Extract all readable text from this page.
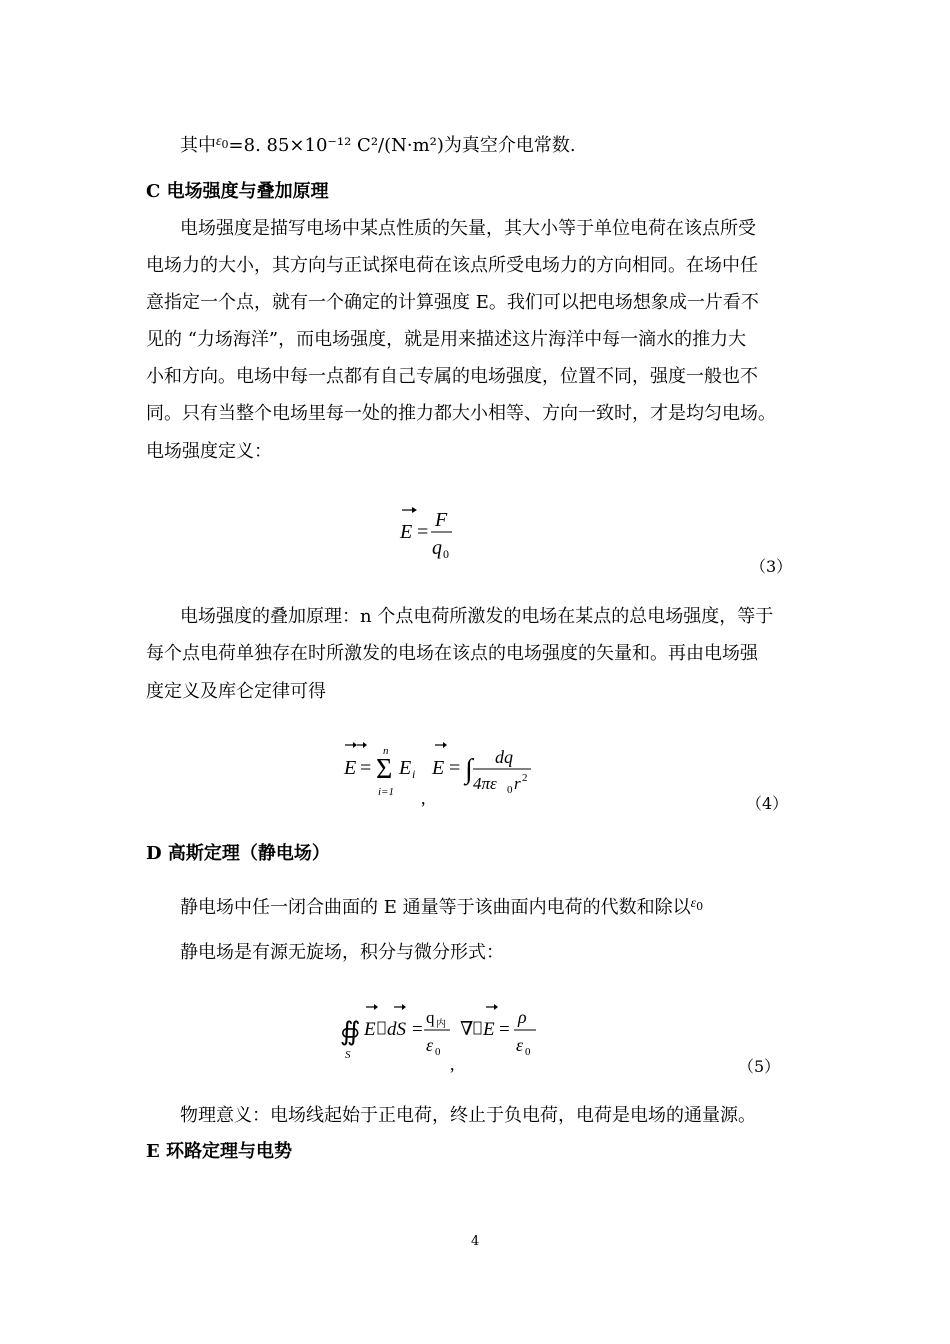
其中$^\varepsilon$0=8. 85×10⁻¹² C²/(N·m²)为真空介电常数.
C 电场强度与叠加原理
电场强度是描写电场中某点性质的矢量，其大小等于单位电荷在该点所受
电场力的大小，其方向与正试探电荷在该点所受电场力的方向相同。在场中任
意指定一个点，就有一个确定的计算强度 E。我们可以把电场想象成一片看不
见的 “力场海洋”，而电场强度，就是用来描述这片海洋中每一滴水的推力大
小和方向。电场中每一点都有自己专属的电场强度，位置不同，强度一般也不
同。只有当整个电场里每一处的推力都大小相等、方向一致时，才是均匀电场。
电场强度定义：
E =
F
q 0
（3）
电场强度的叠加原理：n 个点电荷所激发的电场在某点的总电场强度，等于
每个点电荷单独存在时所激发的电场在该点的电场强度的矢量和。再由电场强
度定义及库仑定律可得
E =
n
Σ
i=1
E i
,
E = ∫ dq
4πε 0 r 2
（4）
D 高斯定理（静电场）
静电场中任一闭合曲面的 E 通量等于该曲面内电荷的代数和除以$^\varepsilon$0
静电场是有源无旋场，积分与微分形式：
∯
S
E dS =
q 内
ε 0
,
∇ E =
ρ
ε 0
（5）
物理意义：电场线起始于正电荷，终止于负电荷，电荷是电场的通量源。
E 环路定理与电势
4
